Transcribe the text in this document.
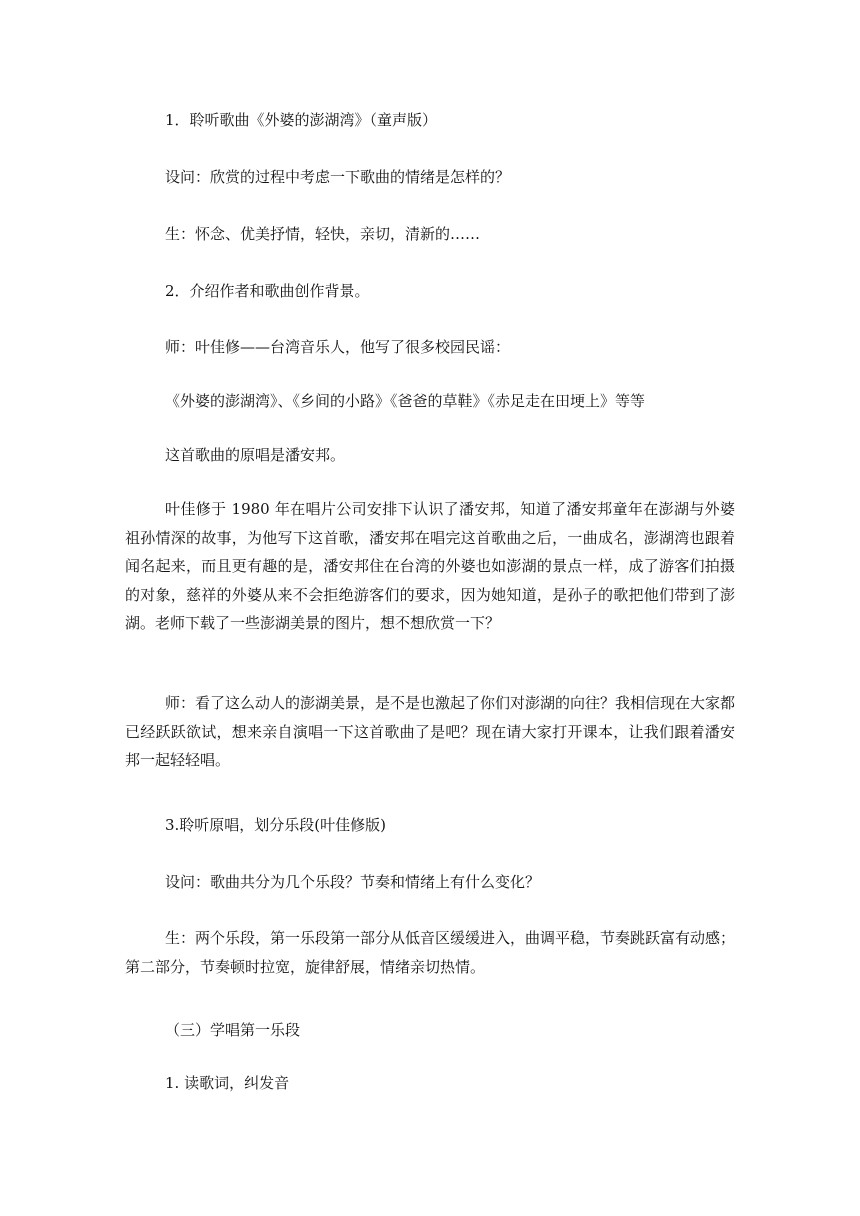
1．聆听歌曲《外婆的澎湖湾》（童声版）
设问：欣赏的过程中考虑一下歌曲的情绪是怎样的？
生：怀念、优美抒情，轻快，亲切，清新的……
2．介绍作者和歌曲创作背景。
师：叶佳修——台湾音乐人，他写了很多校园民谣：
《外婆的澎湖湾》、《乡间的小路》《爸爸的草鞋》《赤足走在田埂上》等等
这首歌曲的原唱是潘安邦。
叶佳修于 1980 年在唱片公司安排下认识了潘安邦，知道了潘安邦童年在澎湖与外婆祖孙情深的故事，为他写下这首歌，潘安邦在唱完这首歌曲之后，一曲成名，澎湖湾也跟着闻名起来，而且更有趣的是，潘安邦住在台湾的外婆也如澎湖的景点一样，成了游客们拍摄的对象，慈祥的外婆从来不会拒绝游客们的要求，因为她知道，是孙子的歌把他们带到了澎湖。老师下载了一些澎湖美景的图片，想不想欣赏一下？
师：看了这么动人的澎湖美景，是不是也激起了你们对澎湖的向往？我相信现在大家都已经跃跃欲试，想来亲自演唱一下这首歌曲了是吧？现在请大家打开课本，让我们跟着潘安邦一起轻轻唱。
3.聆听原唱，划分乐段(叶佳修版)
设问：歌曲共分为几个乐段？节奏和情绪上有什么变化？
生：两个乐段，第一乐段第一部分从低音区缓缓进入，曲调平稳，节奏跳跃富有动感；第二部分，节奏顿时拉宽，旋律舒展，情绪亲切热情。
（三）学唱第一乐段
1. 读歌词，纠发音
